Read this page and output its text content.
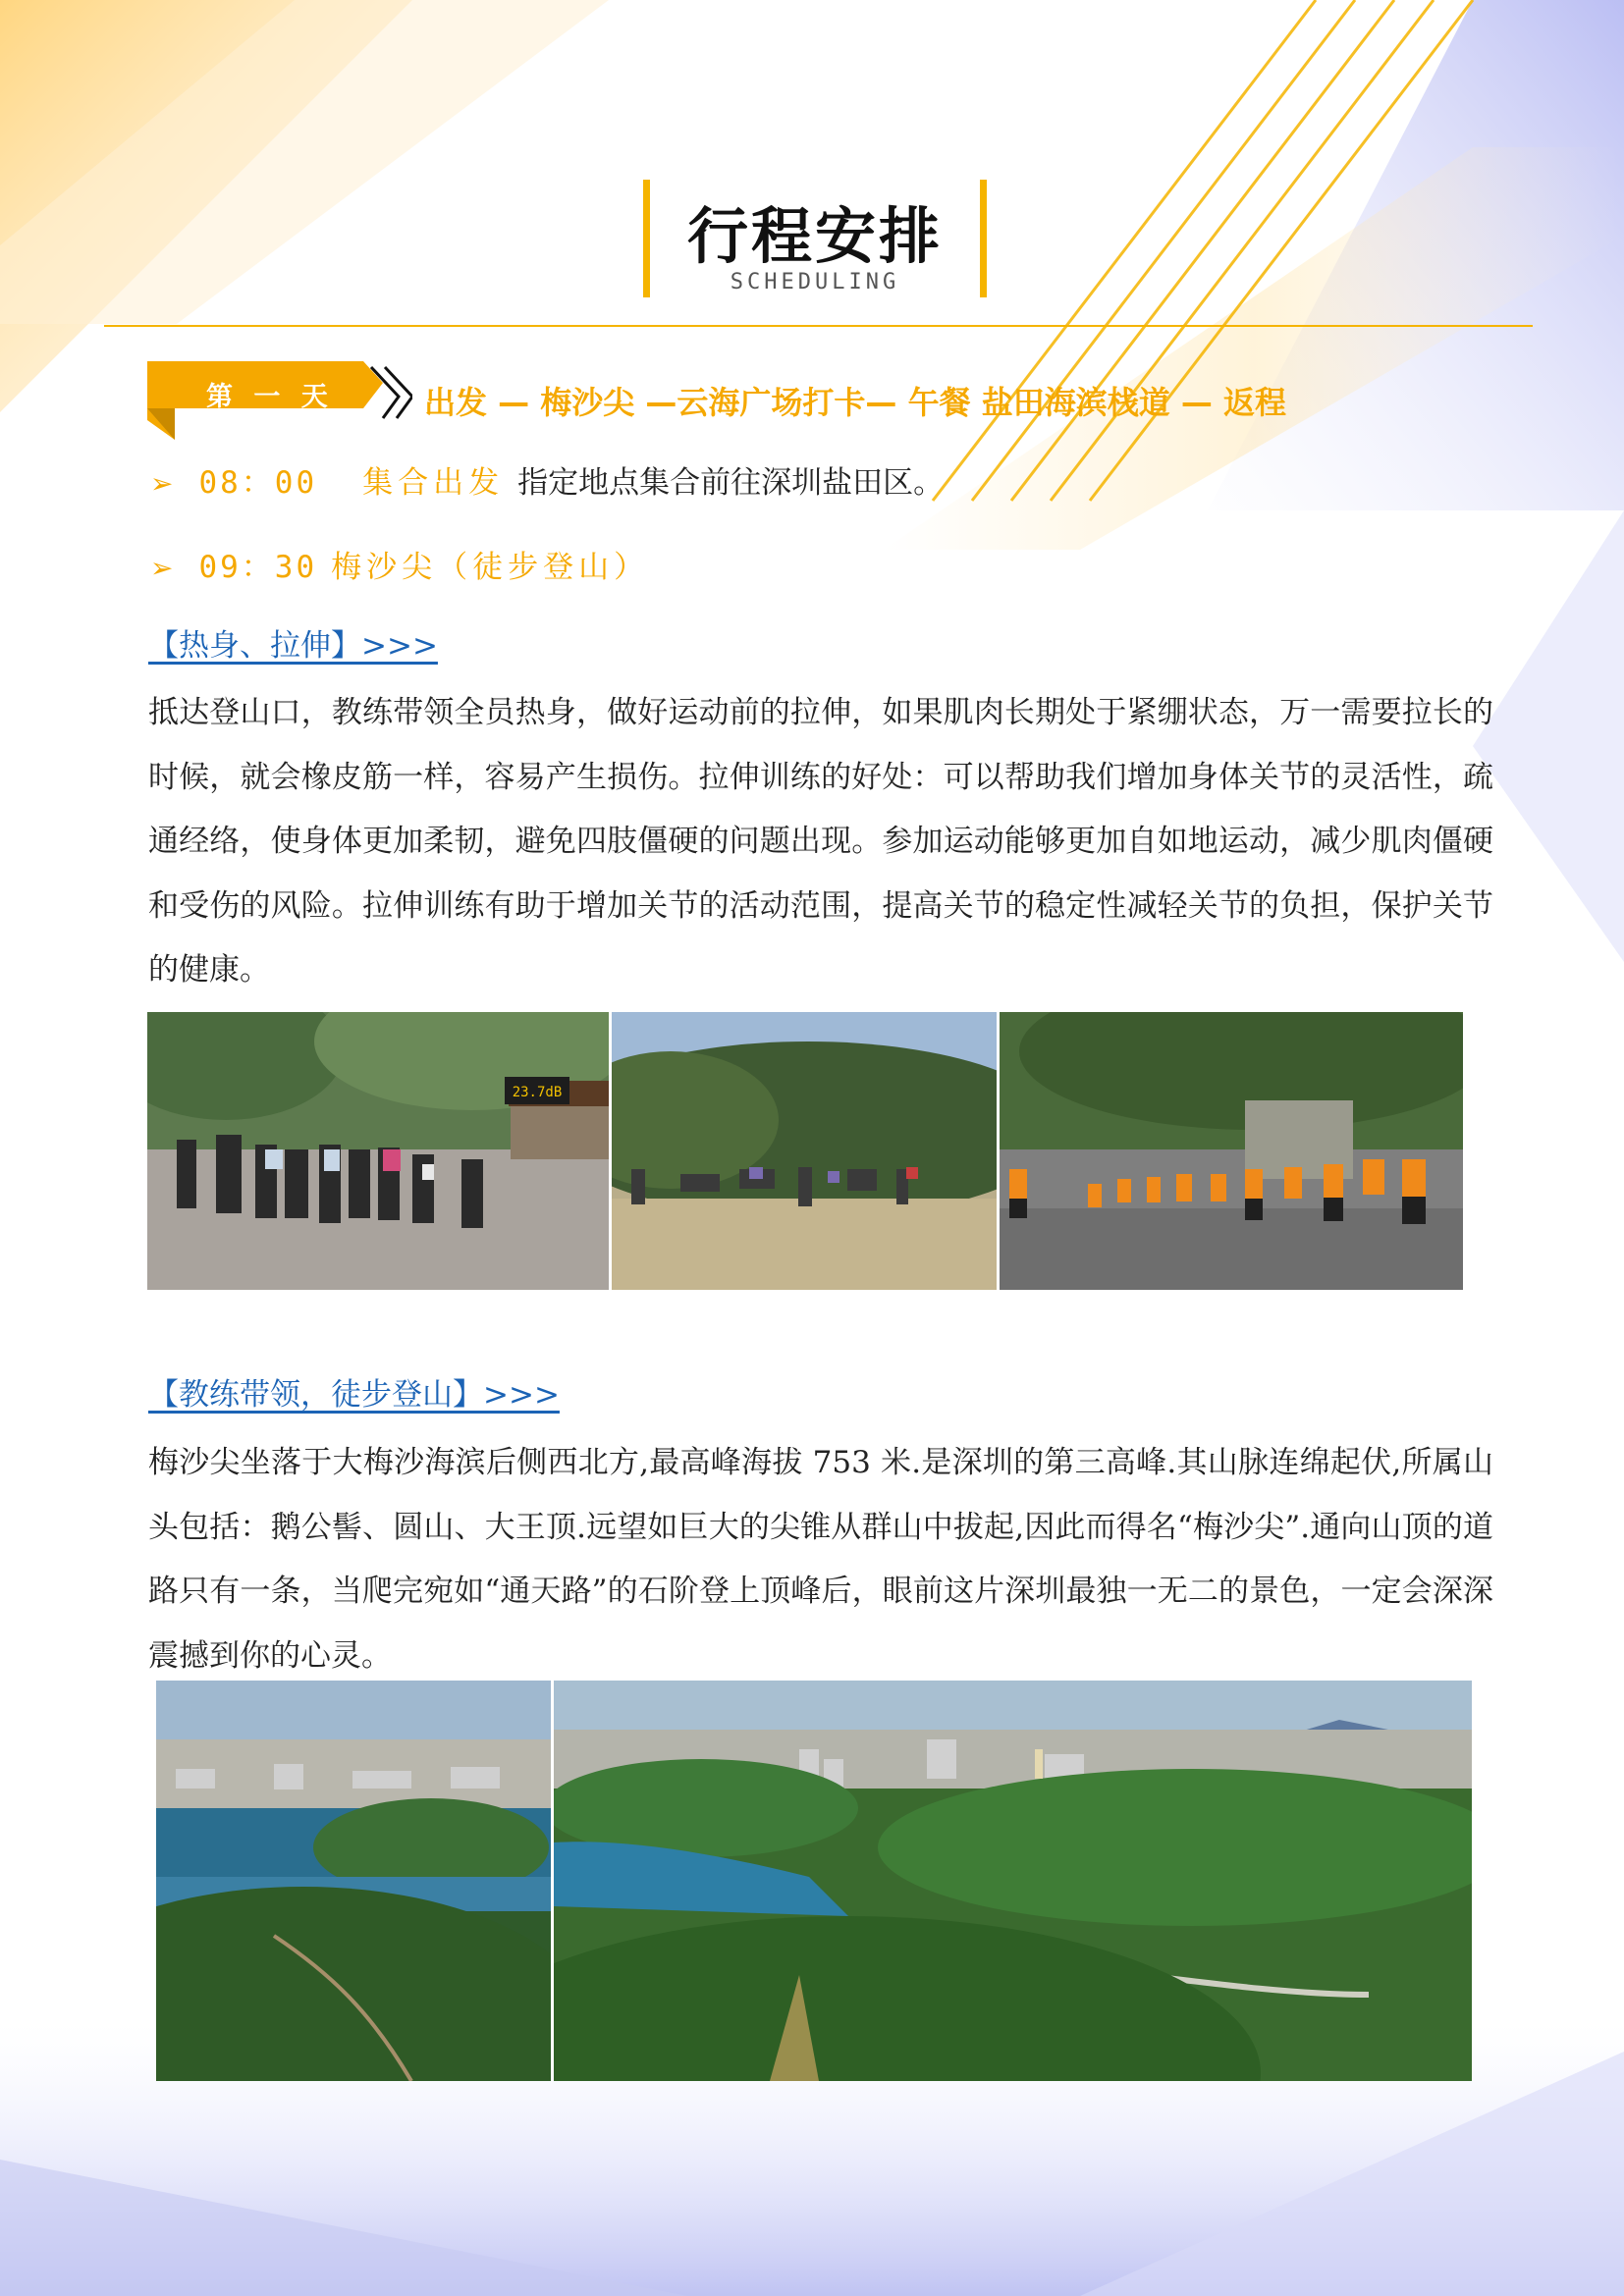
行程安排
SCHEDULING
第 一 天	出发 — 梅沙尖 —云海广场打卡— 午餐 盐田海滨栈道 — 返程
➢ 08：00 集合出发 指定地点集合前往深圳盐田区。
➢ 09：30 梅沙尖（徒步登山）
【热身、拉伸】>>>

抵达登山口，教练带领全员热身，做好运动前的拉伸，如果肌肉长期处于紧绷状态，万一需要拉长的时候，就会橡皮筋一样，容易产生损伤。拉伸训练的好处：可以帮助我们增加身体关节的灵活性，疏通经络，使身体更加柔韧，避免四肢僵硬的问题出现。参加运动能够更加自如地运动，减少肌肉僵硬和受伤的风险。拉伸训练有助于增加关节的活动范围，提高关节的稳定性减轻关节的负担，保护关节的健康。

23.7dB
【教练带领，徒步登山】>>>

梅沙尖坐落于大梅沙海滨后侧西北方,最高峰海拔 753 米.是深圳的第三高峰.其山脉连绵起伏,所属山头包括：鹅公髻、圆山、大王顶.远望如巨大的尖锥从群山中拔起,因此而得名“梅沙尖”.通向山顶的道路只有一条，当爬完宛如“通天路”的石阶登上顶峰后，眼前这片深圳最独一无二的景色，一定会深深震撼到你的心灵。
